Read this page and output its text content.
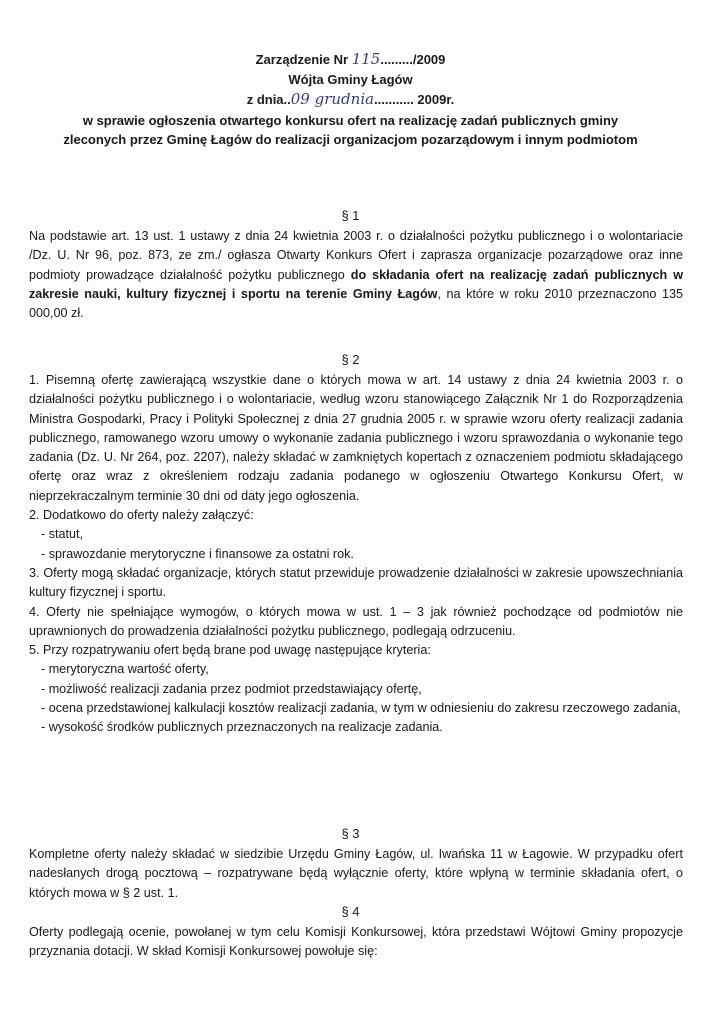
Zarządzenie Nr 115........./2009
Wójta Gminy Łagów
z dnia..09 grudnia........... 2009r.
w sprawie ogłoszenia otwartego konkursu ofert na realizację zadań publicznych gminy zleconych przez Gminę Łagów do realizacji organizacjom pozarządowym i innym podmiotom
§ 1
Na podstawie art. 13 ust. 1 ustawy z dnia 24 kwietnia 2003 r. o działalności pożytku publicznego i o wolontariacie /Dz. U. Nr 96, poz. 873, ze zm./ ogłasza Otwarty Konkurs Ofert i zaprasza organizacje pozarządowe oraz inne podmioty prowadzące działalność pożytku publicznego do składania ofert na realizację zadań publicznych w zakresie nauki, kultury fizycznej i sportu na terenie Gminy Łagów, na które w roku 2010 przeznaczono 135 000,00 zł.
§ 2
1. Pisemną ofertę zawierającą wszystkie dane o których mowa w art. 14 ustawy z dnia 24 kwietnia 2003 r. o działalności pożytku publicznego i o wolontariacie, według wzoru stanowiącego Załącznik Nr 1 do Rozporządzenia Ministra Gospodarki, Pracy i Polityki Społecznej z dnia 27 grudnia 2005 r. w sprawie wzoru oferty realizacji zadania publicznego, ramowanego wzoru umowy o wykonanie zadania publicznego i wzoru sprawozdania o wykonanie tego zadania (Dz. U. Nr 264, poz. 2207), należy składać w zamkniętych kopertach z oznaczeniem podmiotu składającego ofertę oraz wraz z określeniem rodzaju zadania podanego w ogłoszeniu Otwartego Konkursu Ofert, w nieprzekraczalnym terminie 30 dni od daty jego ogłoszenia.
2. Dodatkowo do oferty należy załączyć:
- statut,
- sprawozdanie merytoryczne i finansowe za ostatni rok.
3. Oferty mogą składać organizacje, których statut przewiduje prowadzenie działalności w zakresie upowszechniania kultury fizycznej i sportu.
4. Oferty nie spełniające wymogów, o których mowa w ust. 1 – 3 jak również pochodzące od podmiotów nie uprawnionych do prowadzenia działalności pożytku publicznego, podlegają odrzuceniu.
5. Przy rozpatrywaniu ofert będą brane pod uwagę następujące kryteria:
- merytoryczna wartość oferty,
- możliwość realizacji zadania przez podmiot przedstawiający ofertę,
- ocena przedstawionej kalkulacji kosztów realizacji zadania, w tym w odniesieniu do zakresu rzeczowego zadania,
- wysokość środków publicznych przeznaczonych na realizacje zadania.
§ 3
Kompletne oferty należy składać w siedzibie Urzędu Gminy Łagów, ul. Iwańska 11 w Łagowie. W przypadku ofert nadesłanych drogą pocztową – rozpatrywane będą wyłącznie oferty, które wpłyną w terminie składania ofert, o których mowa w § 2 ust. 1.
§ 4
Oferty podlegają ocenie, powołanej w tym celu Komisji Konkursowej, która przedstawi Wójtowi Gminy propozycje przyznania dotacji. W skład Komisji Konkursowej powołuje się:
